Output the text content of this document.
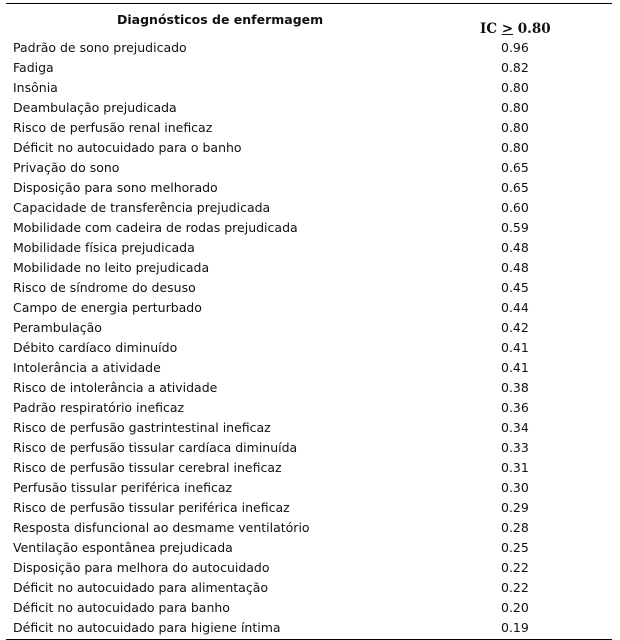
Diagnósticos de enfermagem
IC > 0.80
Padrão de sono prejudicado	0.96
Fadiga	0.82
Insônia	0.80
Deambulação prejudicada	0.80
Risco de perfusão renal ineficaz	0.80
Déficit no autocuidado para o banho	0.80
Privação do sono	0.65
Disposição para sono melhorado	0.65
Capacidade de transferência prejudicada	0.60
Mobilidade com cadeira de rodas prejudicada	0.59
Mobilidade física prejudicada	0.48
Mobilidade no leito prejudicada	0.48
Risco de síndrome do desuso	0.45
Campo de energia perturbado	0.44
Perambulação	0.42
Débito cardíaco diminuído	0.41
Intolerância a atividade	0.41
Risco de intolerância a atividade	0.38
Padrão respiratório ineficaz	0.36
Risco de perfusão gastrintestinal ineficaz	0.34
Risco de perfusão tissular cardíaca diminuída	0.33
Risco de perfusão tissular cerebral ineficaz	0.31
Perfusão tissular periférica ineficaz	0.30
Risco de perfusão tissular periférica ineficaz	0.29
Resposta disfuncional ao desmame ventilatório	0.28
Ventilação espontânea prejudicada	0.25
Disposição para melhora do autocuidado	0.22
Déficit no autocuidado para alimentação	0.22
Déficit no autocuidado para banho	0.20
Déficit no autocuidado para higiene íntima	0.19
